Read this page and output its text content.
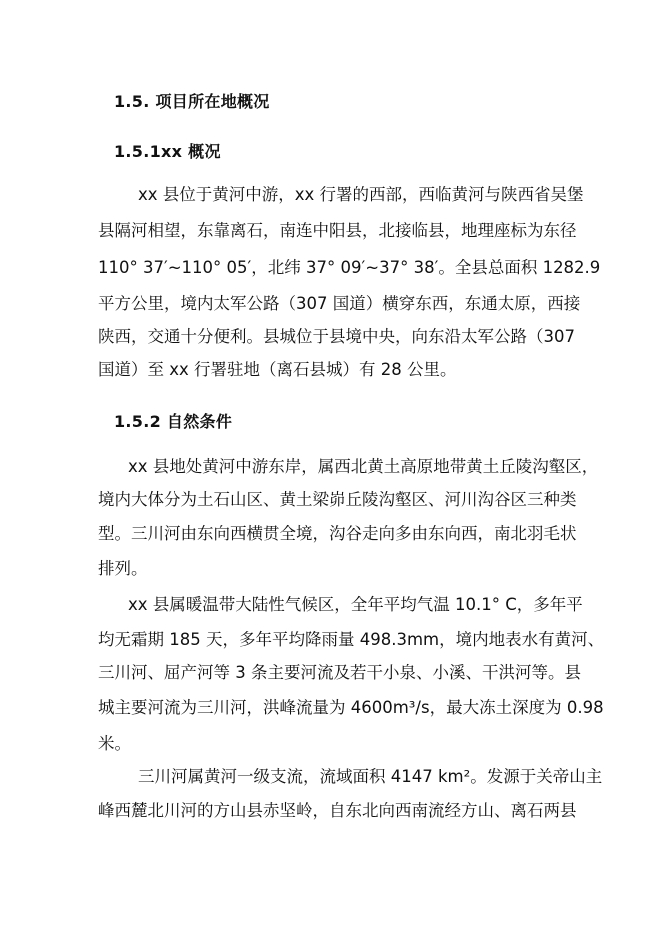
1.5. 项目所在地概况
1.5.1xx 概况

xx 县位于黄河中游，xx 行署的西部，西临黄河与陕西省吴堡

县隔河相望，东靠离石，南连中阳县，北接临县，地理座标为东径

110° 37′~110° 05′，北纬 37° 09′~37° 38′。全县总面积 1282.9

平方公里，境内太军公路（307 国道）横穿东西，东通太原，西接

陕西，交通十分便利。县城位于县境中央，向东沿太军公路（307

国道）至 xx 行署驻地（离石县城）有 28 公里。

1.5.2 自然条件

xx 县地处黄河中游东岸，属西北黄土高原地带黄土丘陵沟壑区，

境内大体分为土石山区、黄土梁峁丘陵沟壑区、河川沟谷区三种类

型。三川河由东向西横贯全境，沟谷走向多由东向西，南北羽毛状

排列。

xx 县属暖温带大陆性气候区，全年平均气温 10.1° C，多年平

均无霜期 185 天，多年平均降雨量 498.3mm，境内地表水有黄河、

三川河、屈产河等 3 条主要河流及若干小泉、小溪、干洪河等。县

城主要河流为三川河，洪峰流量为 4600m³/s，最大冻土深度为 0.98

米。

三川河属黄河一级支流，流域面积 4147 km²。发源于关帝山主

峰西麓北川河的方山县赤坚岭，自东北向西南流经方山、离石两县
